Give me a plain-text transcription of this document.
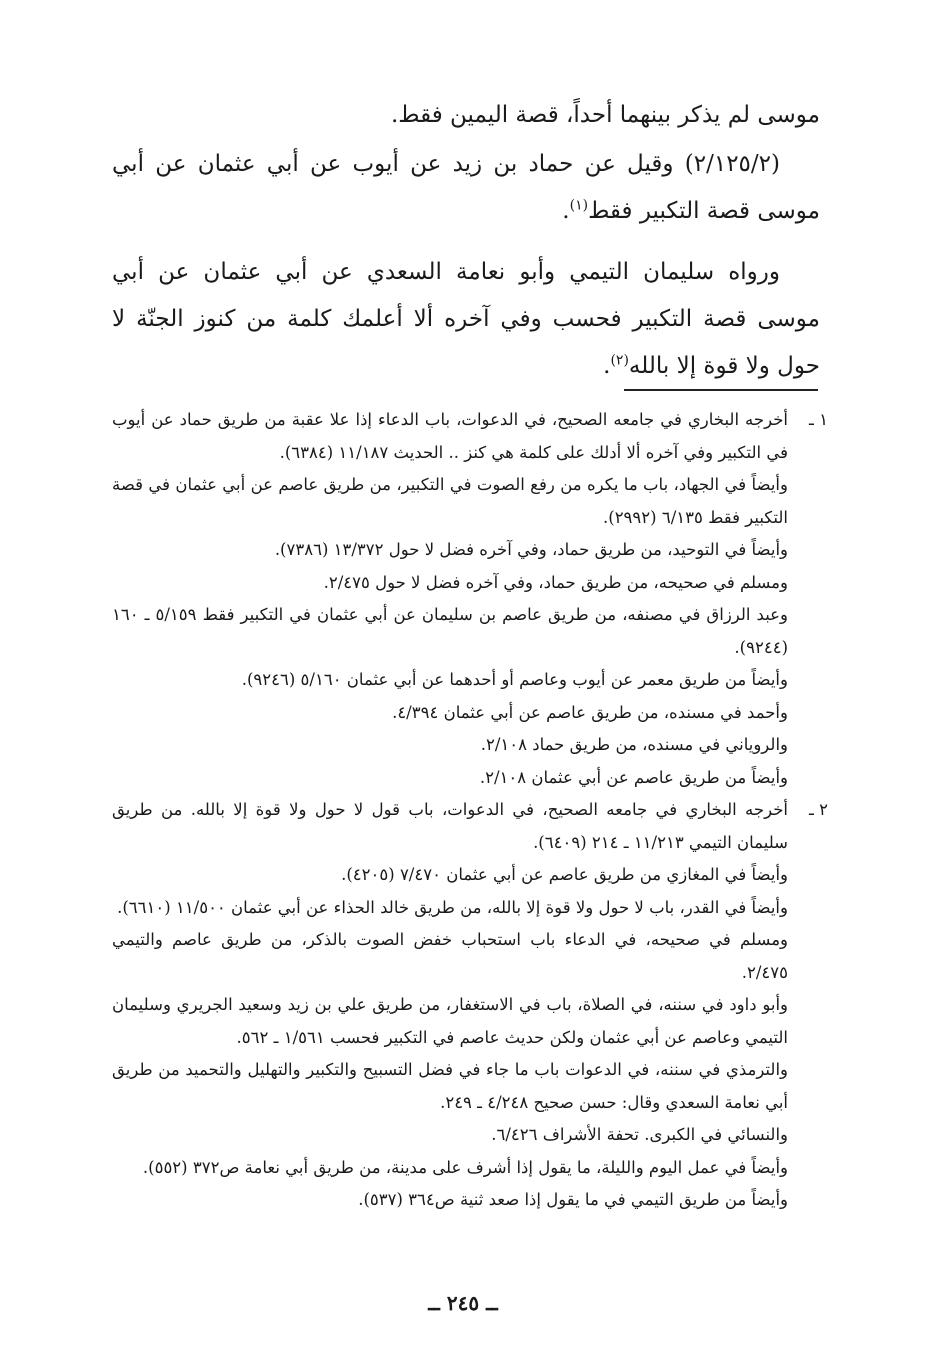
موسى لم يذكر بينهما أحداً، قصة اليمين فقط.

(٢/١٢٥/٢) وقيل عن حماد بن زيد عن أيوب عن أبي عثمان عن أبي موسى قصة التكبير فقط$^{(١)}$.

ورواه سليمان التيمي وأبو نعامة السعدي عن أبي عثمان عن أبي موسى قصة التكبير فحسب وفي آخره ألا أعلمك كلمة من كنوز الجنّة لا حول ولا قوة إلا بالله$^{(٢)}$.

١ ـ
أخرجه البخاري في جامعه الصحيح، في الدعوات، باب الدعاء إذا علا عقبة من طريق حماد عن أيوب في التكبير وفي آخره ألا أدلك على كلمة هي كنز .. الحديث ١١/١٨٧ (٦٣٨٤).
وأيضاً في الجهاد، باب ما يكره من رفع الصوت في التكبير، من طريق عاصم عن أبي عثمان في قصة التكبير فقط ٦/١٣٥ (٢٩٩٢).
وأيضاً في التوحيد، من طريق حماد، وفي آخره فضل لا حول ١٣/٣٧٢ (٧٣٨٦).
ومسلم في صحيحه، من طريق حماد، وفي آخره فضل لا حول ٢/٤٧٥.
وعبد الرزاق في مصنفه، من طريق عاصم بن سليمان عن أبي عثمان في التكبير فقط ٥/١٥٩ ـ ١٦٠ (٩٢٤٤).
وأيضاً من طريق معمر عن أيوب وعاصم أو أحدهما عن أبي عثمان ٥/١٦٠ (٩٢٤٦).
وأحمد في مسنده، من طريق عاصم عن أبي عثمان ٤/٣٩٤.
والروياني في مسنده، من طريق حماد ٢/١٠٨.
وأيضاً من طريق عاصم عن أبي عثمان ٢/١٠٨.
٢ ـ
أخرجه البخاري في جامعه الصحيح، في الدعوات، باب قول لا حول ولا قوة إلا بالله. من طريق سليمان التيمي ١١/٢١٣ ـ ٢١٤ (٦٤٠٩).
وأيضاً في المغازي من طريق عاصم عن أبي عثمان ٧/٤٧٠ (٤٢٠٥).
وأيضاً في القدر، باب لا حول ولا قوة إلا بالله، من طريق خالد الحذاء عن أبي عثمان ١١/٥٠٠ (٦٦١٠).
ومسلم في صحيحه، في الدعاء باب استحباب خفض الصوت بالذكر، من طريق عاصم والتيمي ٢/٤٧٥.
وأبو داود في سننه، في الصلاة، باب في الاستغفار، من طريق علي بن زيد وسعيد الجريري وسليمان التيمي وعاصم عن أبي عثمان ولكن حديث عاصم في التكبير فحسب ١/٥٦١ ـ ٥٦٢.
والترمذي في سننه، في الدعوات باب ما جاء في فضل التسبيح والتكبير والتهليل والتحميد من طريق أبي نعامة السعدي وقال: حسن صحيح ٤/٢٤٨ ـ ٢٤٩.
والنسائي في الكبرى. تحفة الأشراف ٦/٤٢٦.
وأيضاً في عمل اليوم والليلة، ما يقول إذا أشرف على مدينة، من طريق أبي نعامة ص٣٧٢ (٥٥٢).
وأيضاً من طريق التيمي في ما يقول إذا صعد ثنية ص٣٦٤ (٥٣٧).
ــ ٢٤٥ ــ
